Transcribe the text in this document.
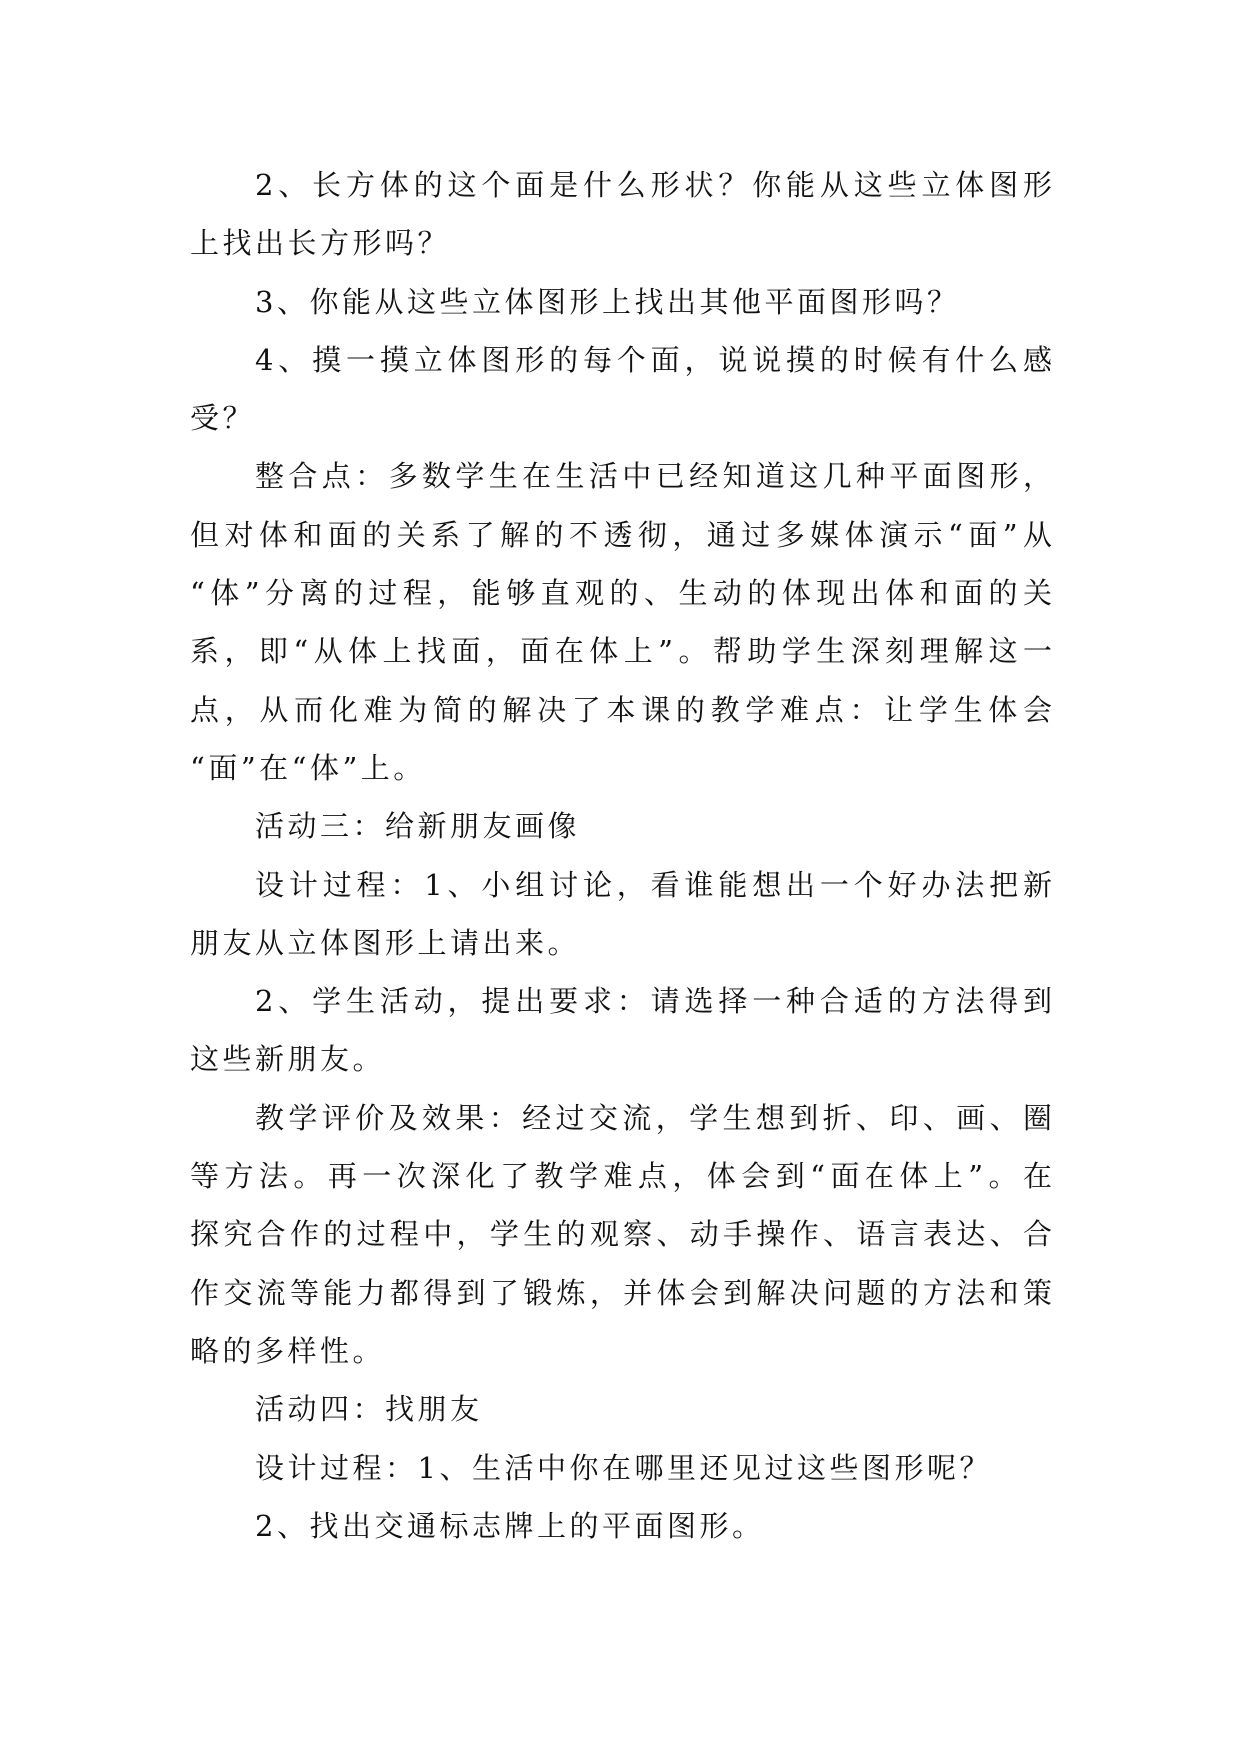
2、长方体的这个面是什么形状？你能从这些立体图形
上找出长方形吗？
3、你能从这些立体图形上找出其他平面图形吗？
4、摸一摸立体图形的每个面，说说摸的时候有什么感
受？
整合点：多数学生在生活中已经知道这几种平面图形，
但对体和面的关系了解的不透彻，通过多媒体演示“面”从
“体”分离的过程，能够直观的、生动的体现出体和面的关
系，即“从体上找面，面在体上”。帮助学生深刻理解这一
点，从而化难为简的解决了本课的教学难点：让学生体会
“面”在“体”上。
活动三：给新朋友画像
设计过程：1、小组讨论，看谁能想出一个好办法把新
朋友从立体图形上请出来。
2、学生活动，提出要求：请选择一种合适的方法得到
这些新朋友。
教学评价及效果：经过交流，学生想到折、印、画、圈
等方法。再一次深化了教学难点，体会到“面在体上”。在
探究合作的过程中，学生的观察、动手操作、语言表达、合
作交流等能力都得到了锻炼，并体会到解决问题的方法和策
略的多样性。
活动四：找朋友
设计过程：1、生活中你在哪里还见过这些图形呢？
2、找出交通标志牌上的平面图形。
